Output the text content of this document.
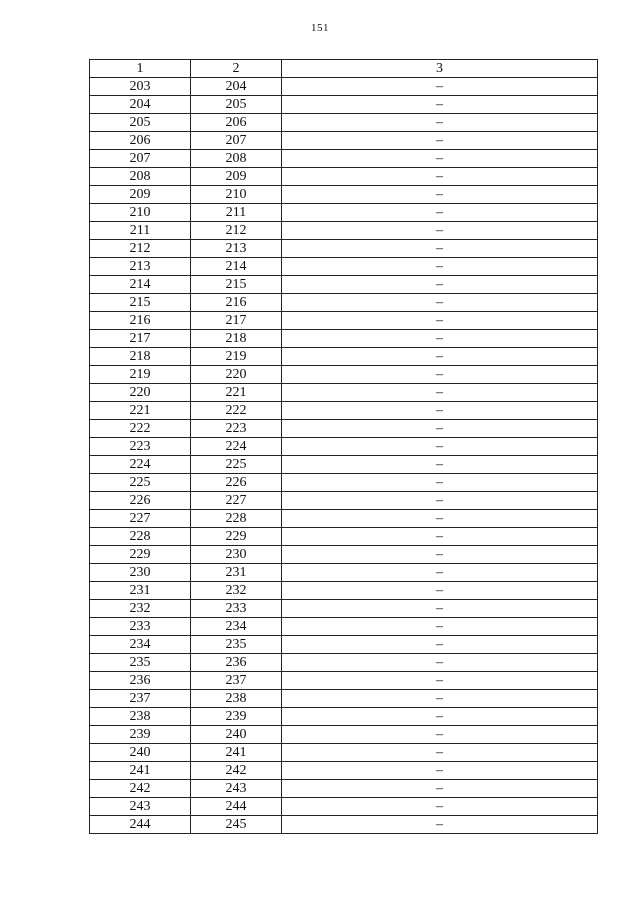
151
1	2	3
203	204	–
204	205	–
205	206	–
206	207	–
207	208	–
208	209	–
209	210	–
210	211	–
211	212	–
212	213	–
213	214	–
214	215	–
215	216	–
216	217	–
217	218	–
218	219	–
219	220	–
220	221	–
221	222	–
222	223	–
223	224	–
224	225	–
225	226	–
226	227	–
227	228	–
228	229	–
229	230	–
230	231	–
231	232	–
232	233	–
233	234	–
234	235	–
235	236	–
236	237	–
237	238	–
238	239	–
239	240	–
240	241	–
241	242	–
242	243	–
243	244	–
244	245	–
